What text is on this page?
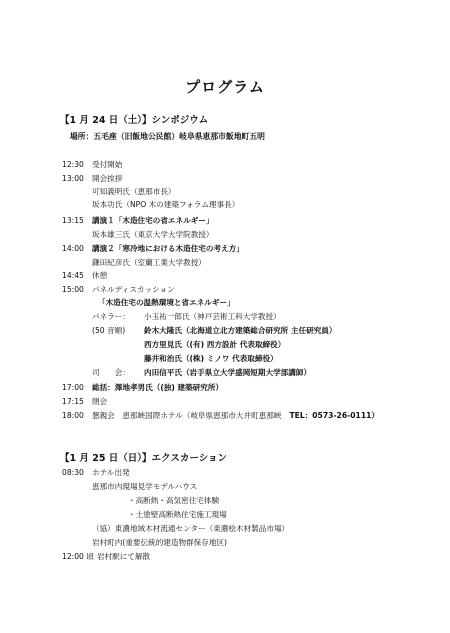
プログラム
【1 月 24 日（土）】シンポジウム
場所：五毛座（旧飯地公民館）岐阜県恵那市飯地町五明
12:30 受付開始
13:00 開会挨拶
可知義明氏（恵那市長）
坂本功氏（NPO 木の建築フォラム理事長）
13:15 講演１「木造住宅の省エネルギー」
坂本雄三氏（東京大学大学院教授）
14:00 講演２「寒冷地における木造住宅の考え方」
鎌田紀彦氏（室蘭工業大学教授）
14:45 休憩
15:00 パネルディスカッション
「木造住宅の温熱環境と省エネルギー」
パネラー： 小玉祐一郎氏（神戸芸術工科大学教授）
(50 音順) 鈴木大隆氏（北海道立北方建築総合研究所 主任研究員）
西方里見氏（(有) 西方設計 代表取締役）
藤井和治氏（(株) ミノワ 代表取締役）
司　　会： 内田信平氏（岩手県立大学盛岡短期大学部講師）
17:00 総括：澤地孝男氏（(独) 建築研究所）
17:15 閉会
18:00 懇親会　恵那峡国際ホテル（岐阜県恵那市大井町恵那峡 TEL：0573-26-0111）
【1 月 25 日（日）】エクスカーション
08:30 ホテル出発
恵那市内現場見学モデルハウス
・高断熱・高気密住宅体験
・土塗壁高断熱住宅施工現場
（協）東濃地域木材流通センター（東濃桧木材製品市場）
岩村町内(重要伝統的建造物群保存地区)
12:00 頃 岩村駅にて解散
